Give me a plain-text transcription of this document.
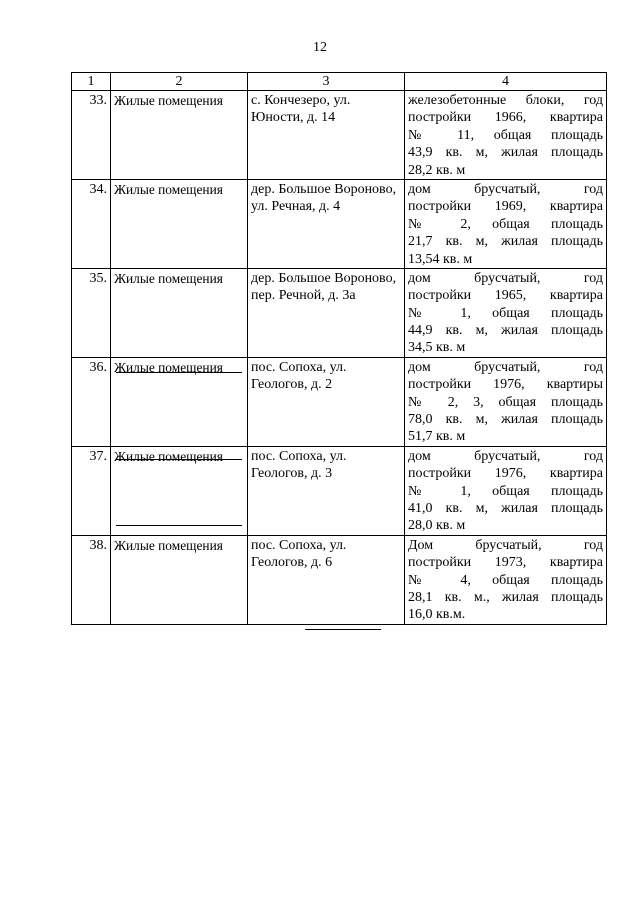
12
1	2	3	4
33.	Жилые помещения	с. Кончезеро, ул. Юности, д. 14	железобетонные блоки, год
постройки 1966, квартира
№ 11, общая площадь
43,9 кв. м, жилая площадь
28,2 кв. м

34.	Жилые помещения	дер. Большое Вороново, ул. Речная, д. 4	дом брусчатый, год
постройки 1969, квартира
№ 2, общая площадь
21,7 кв. м, жилая площадь
13,54 кв. м

35.	Жилые помещения	дер. Большое Вороново, пер. Речной, д. 3а	дом брусчатый, год
постройки 1965, квартира
№ 1, общая площадь
44,9 кв. м, жилая площадь
34,5 кв. м

36.	Жилые помещения	пос. Сопоха, ул. Геологов, д. 2	дом брусчатый, год
постройки 1976, квартиры
№ 2, 3, общая площадь
78,0 кв. м, жилая площадь
51,7 кв. м

37.	Жилые помещения	пос. Сопоха, ул. Геологов, д. 3	дом брусчатый, год
постройки 1976, квартира
№ 1, общая площадь
41,0 кв. м, жилая площадь
28,0 кв. м

38.	Жилые помещения	пос. Сопоха, ул. Геологов, д. 6	Дом брусчатый, год
постройки 1973, квартира
№ 4, общая площадь
28,1 кв. м., жилая площадь
16,0 кв.м.
